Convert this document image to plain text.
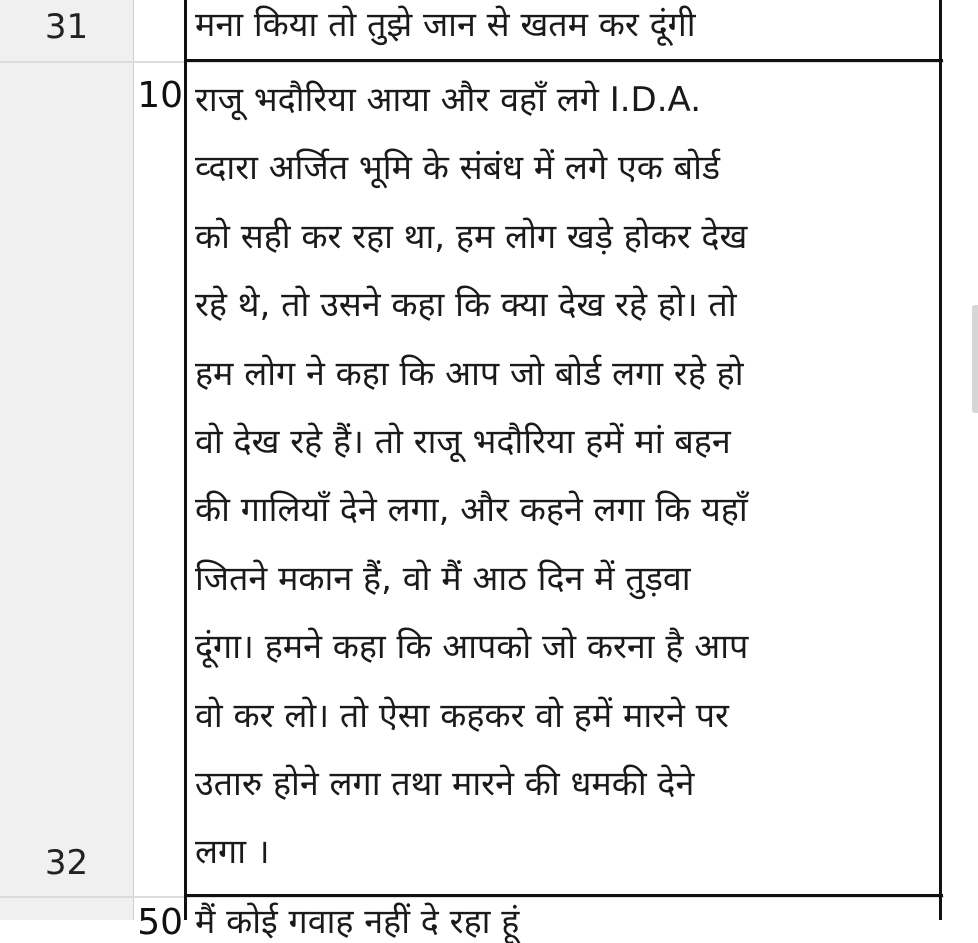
31	मना किया तो तुझे जान से खतम कर दूंगी
32
10 राजू भदौरिया आया और वहाँ लगे I.D.A.
व्दारा अर्जित भूमि के संबंध में लगे एक बोर्ड
को सही कर रहा था, हम लोग खड़े होकर देख
रहे थे, तो उसने कहा कि क्या देख रहे हो। तो
हम लोग ने कहा कि आप जो बोर्ड लगा रहे हो
वो देख रहे हैं। तो राजू भदौरिया हमें मां बहन
की गालियाँ देने लगा, और कहने लगा कि यहाँ
जितने मकान हैं, वो मैं आठ दिन में तुड़वा
दूंगा। हमने कहा कि आपको जो करना है आप
वो कर लो। तो ऐसा कहकर वो हमें मारने पर
उतारु होने लगा तथा मारने की धमकी देने
लगा ।
50 मैं कोई गवाह नहीं दे रहा हूं
